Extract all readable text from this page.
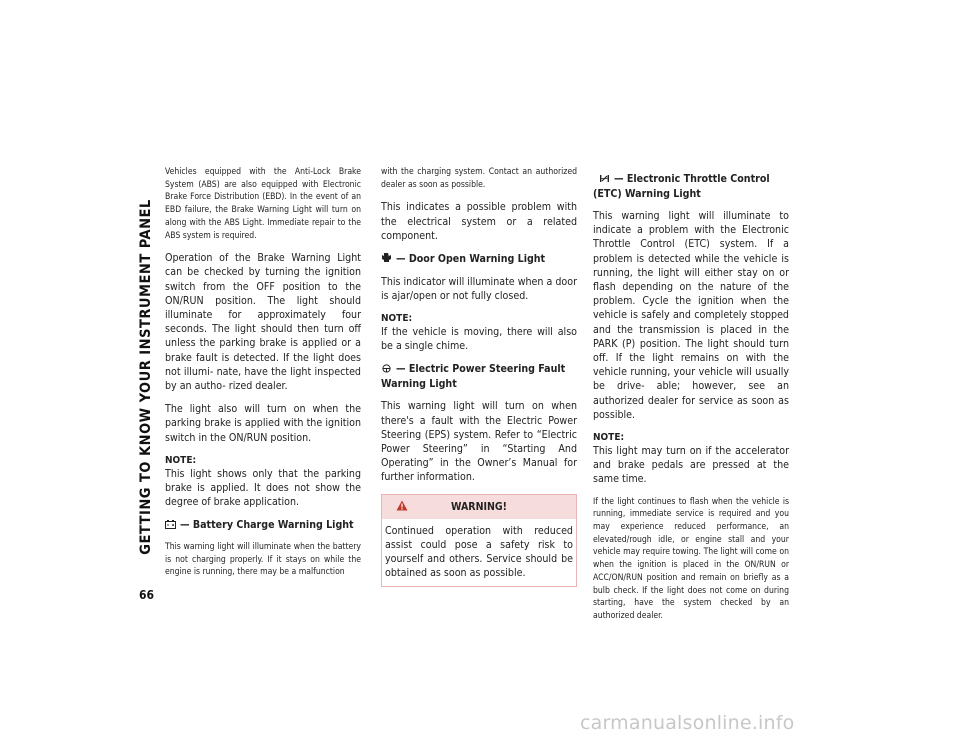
GETTING TO KNOW YOUR INSTRUMENT PANEL
66

Vehicles equipped with the Anti-Lock Brake System (ABS) are also equipped with Electronic Brake Force Distribution (EBD). In the event of an EBD failure, the Brake Warning Light will turn on along with the ABS Light. Immediate repair to the ABS system is required.

Operation of the Brake Warning Light can be checked by turning the ignition switch from the OFF position to the ON/RUN position. The light should illuminate for approximately four seconds. The light should then turn off unless the parking brake is applied or a brake fault is detected. If the light does not illumi- nate, have the light inspected by an autho- rized dealer.

The light also will turn on when the parking brake is applied with the ignition switch in the ON/RUN position.

NOTE:

This light shows only that the parking brake is applied. It does not show the degree of brake application.

— Battery Charge Warning Light

This warning light will illuminate when the battery is not charging properly. If it stays on while the engine is running, there may be a malfunction

with the charging system. Contact an authorized dealer as soon as possible.

This indicates a possible problem with the electrical system or a related component.

— Door Open Warning Light

This indicator will illuminate when a door is ajar/open or not fully closed.

NOTE:

If the vehicle is moving, there will also be a single chime.

— Electric Power Steering Fault Warning Light

This warning light will turn on when there's a fault with the Electric Power Steering (EPS) system. Refer to “Electric Power Steering” in “Starting And Operating” in the Owner’s Manual for further information.

WARNING!
Continued operation with reduced assist could pose a safety risk to yourself and others. Service should be obtained as soon as possible.
— Electronic Throttle Control (ETC) Warning Light

This warning light will illuminate to indicate a problem with the Electronic Throttle Control (ETC) system. If a problem is detected while the vehicle is running, the light will either stay on or flash depending on the nature of the problem. Cycle the ignition when the vehicle is safely and completely stopped and the transmission is placed in the PARK (P) position. The light should turn off. If the light remains on with the vehicle running, your vehicle will usually be drive- able; however, see an authorized dealer for service as soon as possible.

NOTE:

This light may turn on if the accelerator and brake pedals are pressed at the same time.

If the light continues to flash when the vehicle is running, immediate service is required and you may experience reduced performance, an elevated/rough idle, or engine stall and your vehicle may require towing. The light will come on when the ignition is placed in the ON/RUN or ACC/ON/RUN position and remain on briefly as a bulb check. If the light does not come on during starting, have the system checked by an authorized dealer.

carmanualsonline.info
